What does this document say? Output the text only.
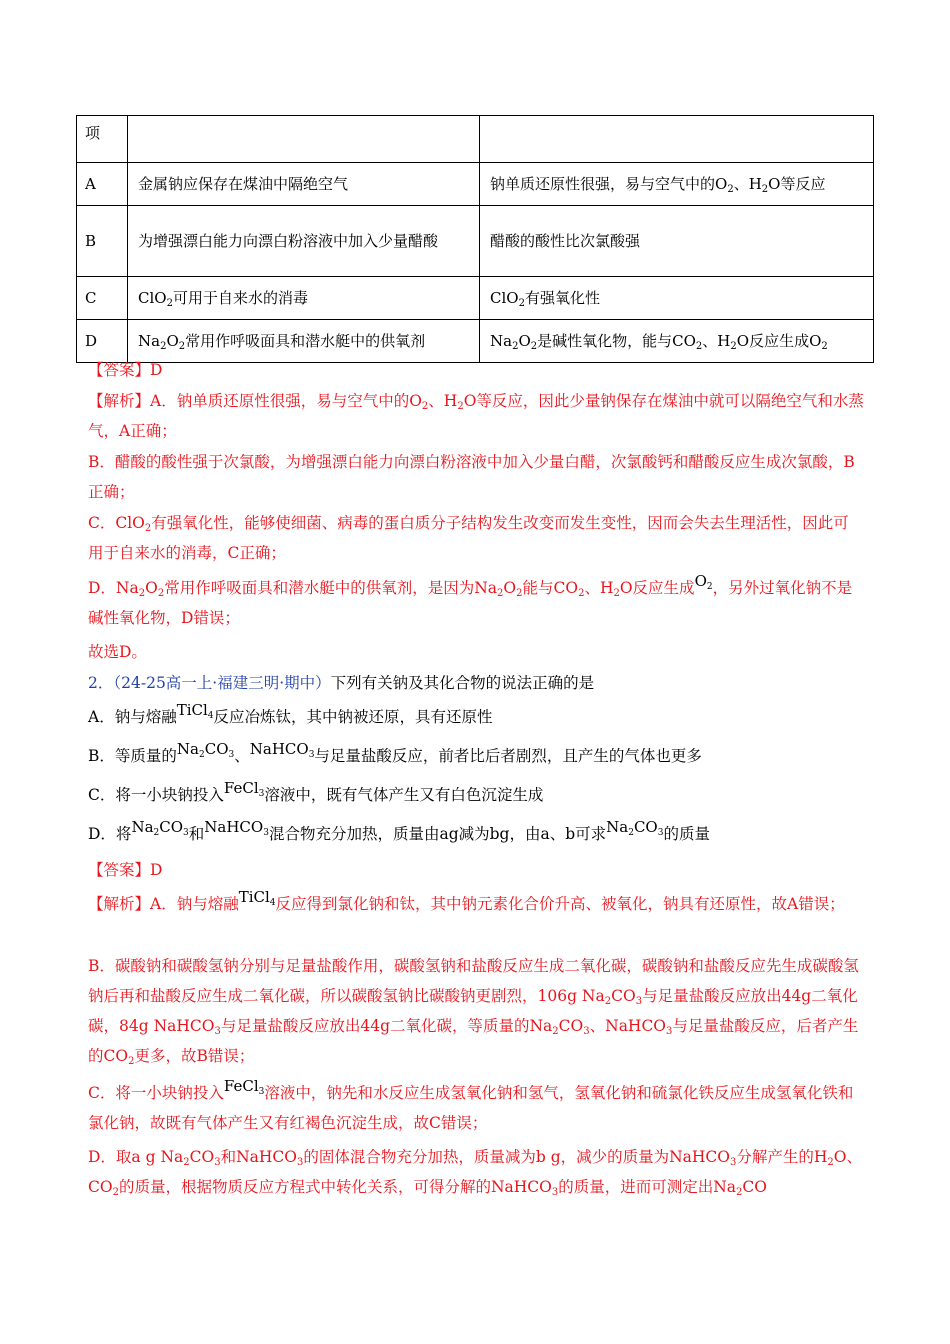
项		
A	金属钠应保存在煤油中隔绝空气	钠单质还原性很强，易与空气中的$O_2$、$H_2O$等反应
B	为增强漂白能力向漂白粉溶液中加入少量醋酸	醋酸的酸性比次氯酸强
C	ClO$_2$可用于自来水的消毒	ClO$_2$有强氧化性
D	$Na_2O_2$常用作呼吸面具和潜水艇中的供氧剂	$Na_2O_2$是碱性氧化物，能与$CO_2$、$H_2O$反应生成$O_2$
【答案】D
【解析】A．钠单质还原性很强，易与空气中的$O_2$、$H_2O$等反应，因此少量钠保存在煤油中就可以隔绝空气和水蒸气，A正确；
B．醋酸的酸性强于次氯酸，为增强漂白能力向漂白粉溶液中加入少量白醋，次氯酸钙和醋酸反应生成次氯酸，B正确；
C．ClO$_2$有强氧化性，能够使细菌、病毒的蛋白质分子结构发生改变而发生变性，因而会失去生理活性，因此可用于自来水的消毒，C正确；
D．$Na_2O_2$常用作呼吸面具和潜水艇中的供氧剂，是因为$Na_2O_2$能与$CO_2$、$H_2O$反应生成$O_2$，另外过氧化钠不是碱性氧化物，D错误；
故选D。
2．（24-25高一上·福建三明·期中）下列有关钠及其化合物的说法正确的是
A．钠与熔融TiCl$_4$反应冶炼钛，其中钠被还原，具有还原性
B．等质量的$Na_2CO_3$、NaHCO$_3$与足量盐酸反应，前者比后者剧烈，且产生的气体也更多
C．将一小块钠投入FeCl$_3$溶液中，既有气体产生又有白色沉淀生成
D．将$Na_2CO_3$和NaHCO$_3$混合物充分加热，质量由ag减为bg，由a、b可求$Na_2CO_3$的质量
【答案】D
【解析】A．钠与熔融TiCl$_4$反应得到氯化钠和钛，其中钠元素化合价升高、被氧化，钠具有还原性，故A错误；
B．碳酸钠和碳酸氢钠分别与足量盐酸作用，碳酸氢钠和盐酸反应生成二氧化碳，碳酸钠和盐酸反应先生成碳酸氢钠后再和盐酸反应生成二氧化碳，所以碳酸氢钠比碳酸钠更剧烈，106g $Na_2CO_3$与足量盐酸反应放出44g二氧化碳，84g NaHCO$_3$与足量盐酸反应放出44g二氧化碳，等质量的$Na_2CO_3$、NaHCO$_3$与足量盐酸反应，后者产生的$CO_2$更多，故B错误；
C．将一小块钠投入FeCl$_3$溶液中，钠先和水反应生成氢氧化钠和氢气，氢氧化钠和硫氯化铁反应生成氢氧化铁和氯化钠，故既有气体产生又有红褐色沉淀生成，故C错误；
D．取a g $Na_2CO_3$和NaHCO$_3$的固体混合物充分加热，质量减为b g，减少的质量为NaHCO$_3$分解产生的$H_2O$、$CO_2$的质量，根据物质反应方程式中转化关系，可得分解的NaHCO$_3$的质量，进而可测定出$Na_2CO$
